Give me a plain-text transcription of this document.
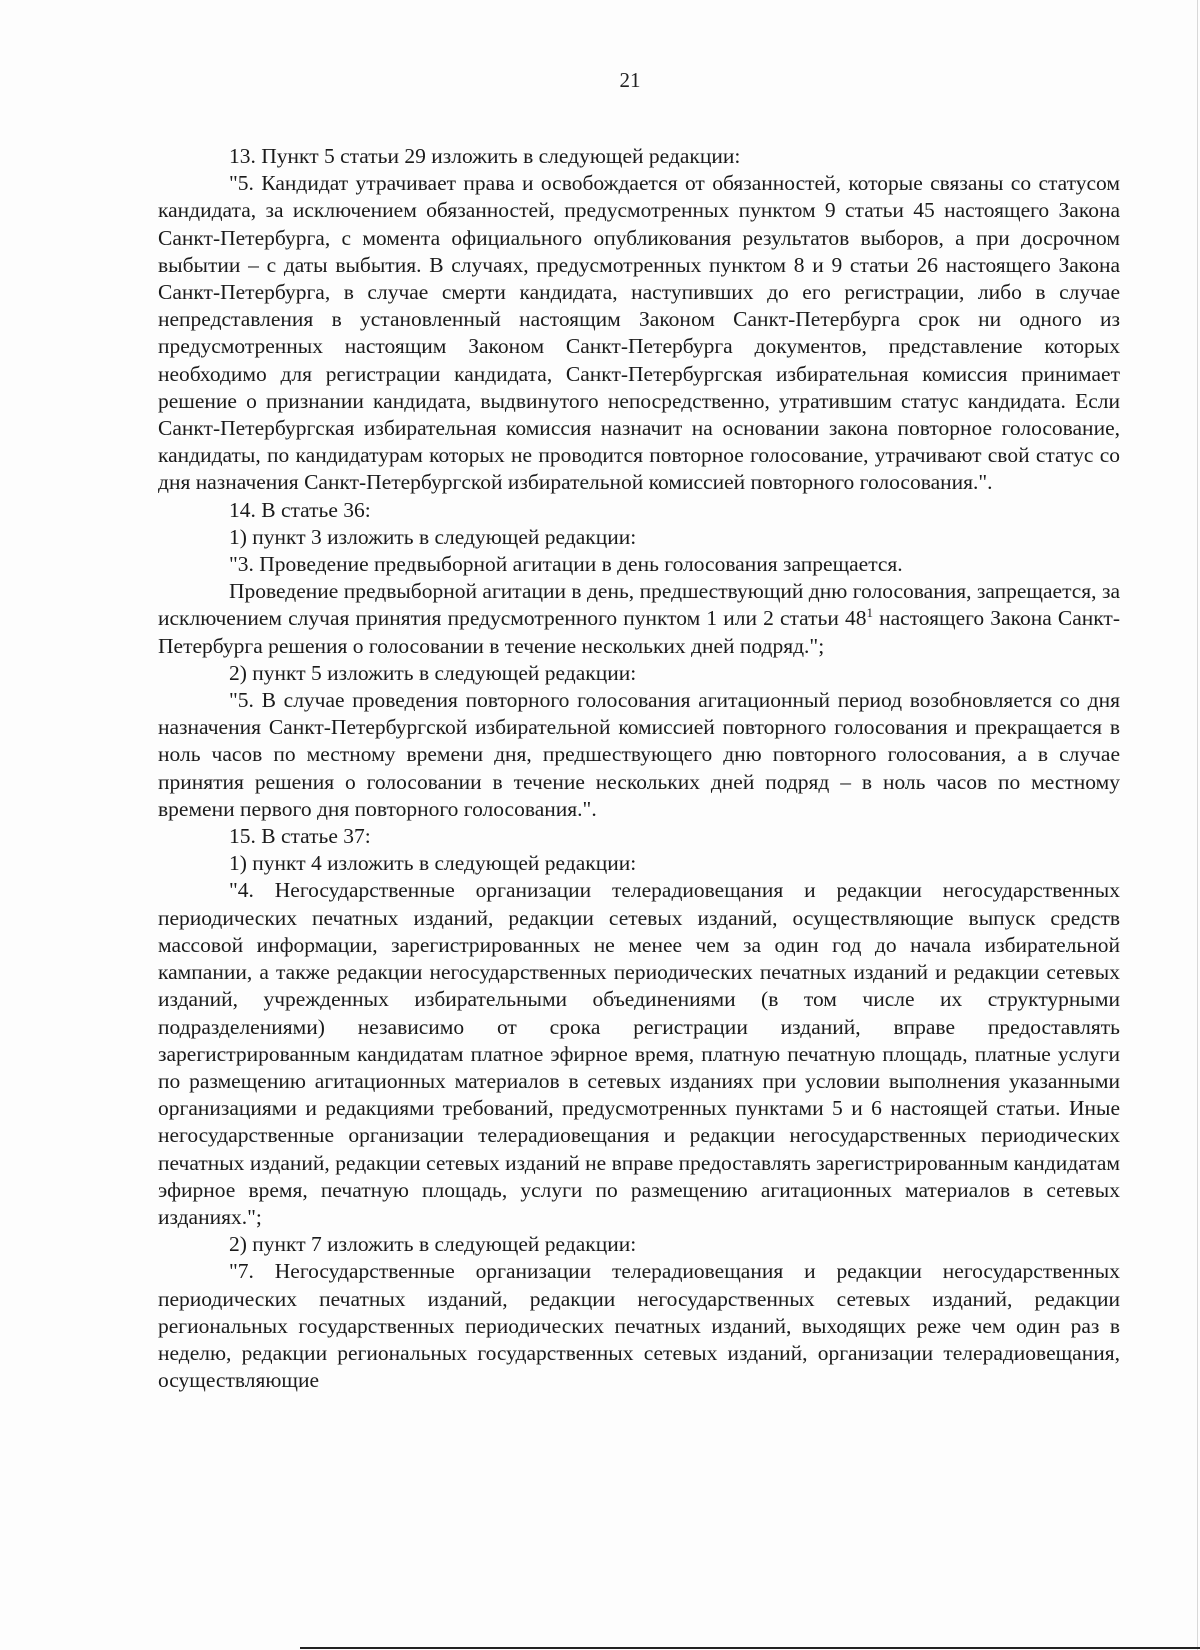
21

13. Пункт 5 статьи 29 изложить в следующей редакции:

"5. Кандидат утрачивает права и освобождается от обязанностей, которые связаны со статусом кандидата, за исключением обязанностей, предусмотренных пунктом 9 статьи 45 настоящего Закона Санкт-Петербурга, с момента официального опубликования результатов выборов, а при досрочном выбытии – с даты выбытия. В случаях, предусмотренных пунктом 8 и 9 статьи 26 настоящего Закона Санкт-Петербурга, в случае смерти кандидата, наступивших до его регистрации, либо в случае непредставления в установленный настоящим Законом Санкт-Петербурга срок ни одного из предусмотренных настоящим Законом Санкт-Петербурга документов, представление которых необходимо для регистрации кандидата, Санкт-Петербургская избирательная комиссия принимает решение о признании кандидата, выдвинутого непосредственно, утратившим статус кандидата. Если Санкт-Петербургская избирательная комиссия назначит на основании закона повторное голосование, кандидаты, по кандидатурам которых не проводится повторное голосование, утрачивают свой статус со дня назначения Санкт-Петербургской избирательной комиссией повторного голосования.".

14. В статье 36:

1) пункт 3 изложить в следующей редакции:

"3. Проведение предвыборной агитации в день голосования запрещается.

Проведение предвыборной агитации в день, предшествующий дню голосования, запрещается, за исключением случая принятия предусмотренного пунктом 1 или 2 статьи $48^1$ настоящего Закона Санкт-Петербурга решения о голосовании в течение нескольких дней подряд.";

2) пункт 5 изложить в следующей редакции:

"5. В случае проведения повторного голосования агитационный период возобновляется со дня назначения Санкт-Петербургской избирательной комиссией повторного голосования и прекращается в ноль часов по местному времени дня, предшествующего дню повторного голосования, а в случае принятия решения о голосовании в течение нескольких дней подряд – в ноль часов по местному времени первого дня повторного голосования.".

15. В статье 37:

1) пункт 4 изложить в следующей редакции:

"4. Негосударственные организации телерадиовещания и редакции негосударственных периодических печатных изданий, редакции сетевых изданий, осуществляющие выпуск средств массовой информации, зарегистрированных не менее чем за один год до начала избирательной кампании, а также редакции негосударственных периодических печатных изданий и редакции сетевых изданий, учрежденных избирательными объединениями (в том числе их структурными подразделениями) независимо от срока регистрации изданий, вправе предоставлять зарегистрированным кандидатам платное эфирное время, платную печатную площадь, платные услуги по размещению агитационных материалов в сетевых изданиях при условии выполнения указанными организациями и редакциями требований, предусмотренных пунктами 5 и 6 настоящей статьи. Иные негосударственные организации телерадиовещания и редакции негосударственных периодических печатных изданий, редакции сетевых изданий не вправе предоставлять зарегистрированным кандидатам эфирное время, печатную площадь, услуги по размещению агитационных материалов в сетевых изданиях.";

2) пункт 7 изложить в следующей редакции:

"7. Негосударственные организации телерадиовещания и редакции негосударственных периодических печатных изданий, редакции негосударственных сетевых изданий, редакции региональных государственных периодических печатных изданий, выходящих реже чем один раз в неделю, редакции региональных государственных сетевых изданий, организации телерадиовещания, осуществляющие
